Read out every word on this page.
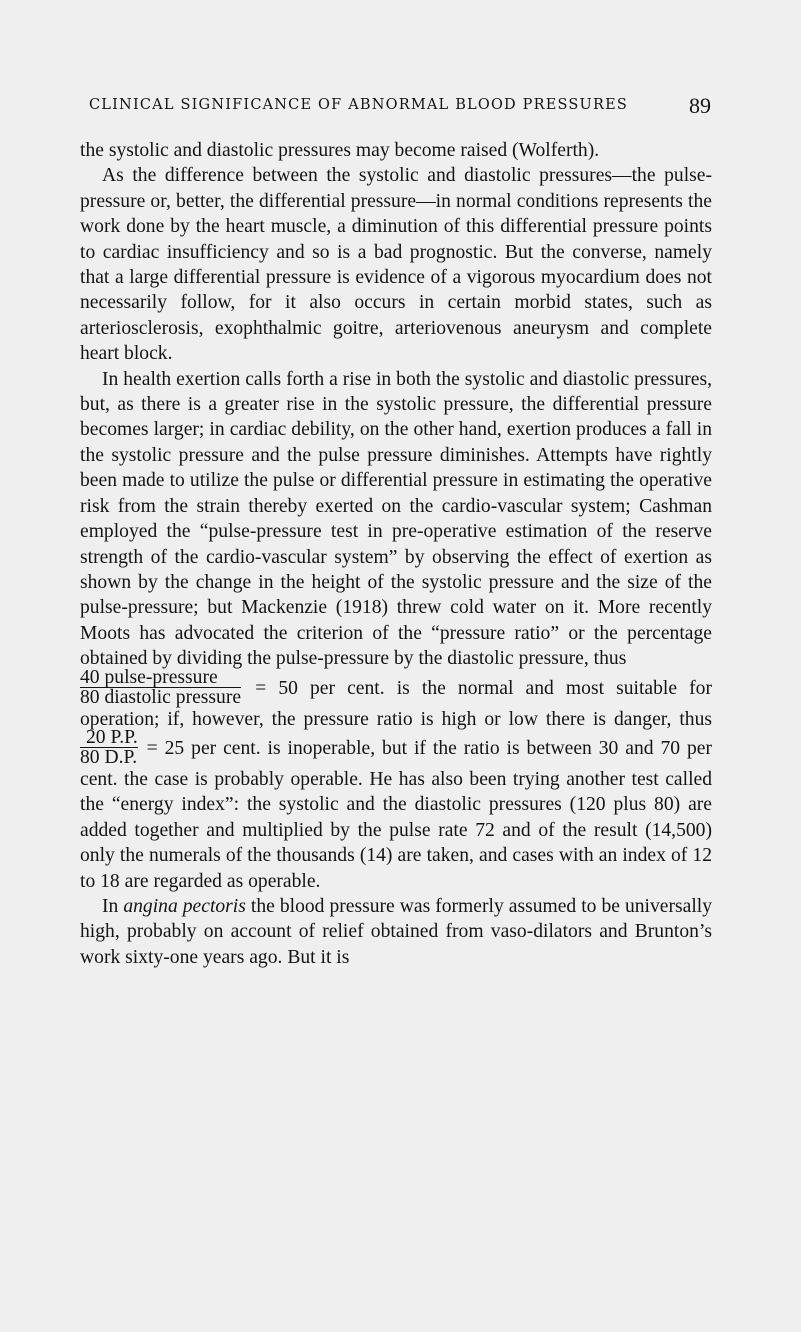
CLINICAL SIGNIFICANCE OF ABNORMAL BLOOD PRESSURES	89

the systolic and diastolic pressures may become raised (Wolferth).

As the difference between the systolic and diastolic pressures—the pulse-pressure or, better, the differential pressure—in normal conditions represents the work done by the heart muscle, a diminution of this differential pressure points to cardiac insufficiency and so is a bad prognostic. But the converse, namely that a large differential pressure is evidence of a vigorous myocardium does not necessarily follow, for it also occurs in certain morbid states, such as arteriosclerosis, exophthalmic goitre, arteriovenous aneurysm and complete heart block.

In health exertion calls forth a rise in both the systolic and diastolic pressures, but, as there is a greater rise in the systolic pressure, the differential pressure becomes larger; in cardiac debility, on the other hand, exertion produces a fall in the systolic pressure and the pulse pressure diminishes. Attempts have rightly been made to utilize the pulse or differential pressure in estimating the operative risk from the strain thereby exerted on the cardio-vascular system; Cashman employed the “pulse-pressure test in pre-operative estimation of the reserve strength of the cardio-vascular system” by observing the effect of exertion as shown by the change in the height of the systolic pressure and the size of the pulse-pressure; but Mackenzie (1918) threw cold water on it. More recently Moots has advocated the criterion of the “pressure ratio” or the percentage obtained by dividing the pulse-pressure by the diastolic pressure, thus

$\frac{\text{40 pulse-pressure}}{\text{80 diastolic pressure}} = 50$ per cent. is the normal and most suitable for operation; if, however, the pressure ratio is high or low there is danger, thus
$\frac{20 P.P.}{80 D.P.} = 25$ per cent. is inoperable, but if the ratio is between 30 and 70 per cent. the case is probably operable. He has also been trying another test called the “energy index”: the systolic and the diastolic pressures (120 plus 80) are added together and multiplied by the pulse rate 72 and of the result (14,500) only the numerals of the thousands (14) are taken, and cases with an index of 12 to 18 are regarded as operable.

In angina pectoris the blood pressure was formerly assumed to be universally high, probably on account of relief obtained from vaso-dilators and Brunton’s work sixty-one years ago. But it is
